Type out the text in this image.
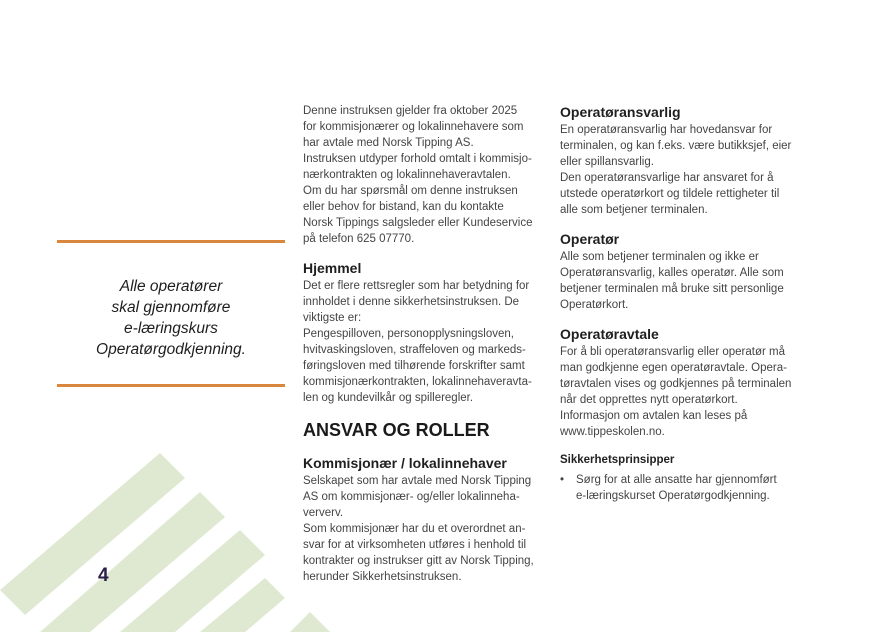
Alle operatører
skal gjennomføre
e-læringskurs
Operatørgodkjenning.
4

Denne instruksen gjelder fra oktober 2025

for kommisjonærer og lokalinnehavere som

har avtale med Norsk Tipping AS.

Instruksen utdyper forhold omtalt i kommisjo-

nærkontrakten og lokalinnehaveravtalen.

Om du har spørsmål om denne instruksen

eller behov for bistand, kan du kontakte

Norsk Tippings salgsleder eller Kundeservice

på telefon 625 07770.

Hjemmel

Det er flere rettsregler som har betydning for

innholdet i denne sikkerhetsinstruksen. De

viktigste er:

Pengespilloven, personopplysningsloven,

hvitvaskingsloven, straffeloven og markeds-

føringsloven med tilhørende forskrifter samt

kommisjonærkontrakten, lokalinnehaveravta-

len og kundevilkår og spilleregler.

ANSVAR OG ROLLER
Kommisjonær / lokalinnehaver

Selskapet som har avtale med Norsk Tipping

AS om kommisjonær- og/eller lokalinneha-

ververv.

Som kommisjonær har du et overordnet an-

svar for at virksomheten utføres i henhold til

kontrakter og instrukser gitt av Norsk Tipping,

herunder Sikkerhetsinstruksen.

Operatøransvarlig

En operatøransvarlig har hovedansvar for

terminalen, og kan f.eks. være butikksjef, eier

eller spillansvarlig.

Den operatøransvarlige har ansvaret for å

utstede operatørkort og tildele rettigheter til

alle som betjener terminalen.

Operatør

Alle som betjener terminalen og ikke er

Operatøransvarlig, kalles operatør. Alle som

betjener terminalen må bruke sitt personlige

Operatørkort.

Operatøravtale

For å bli operatøransvarlig eller operatør må

man godkjenne egen operatøravtale. Opera-

tøravtalen vises og godkjennes på terminalen

når det opprettes nytt operatørkort.

Informasjon om avtalen kan leses på

www.tippeskolen.no.

Sikkerhetsprinsipper
•	Sørg for at alle ansatte har gjennomført

e-læringskurset Operatørgodkjenning.
